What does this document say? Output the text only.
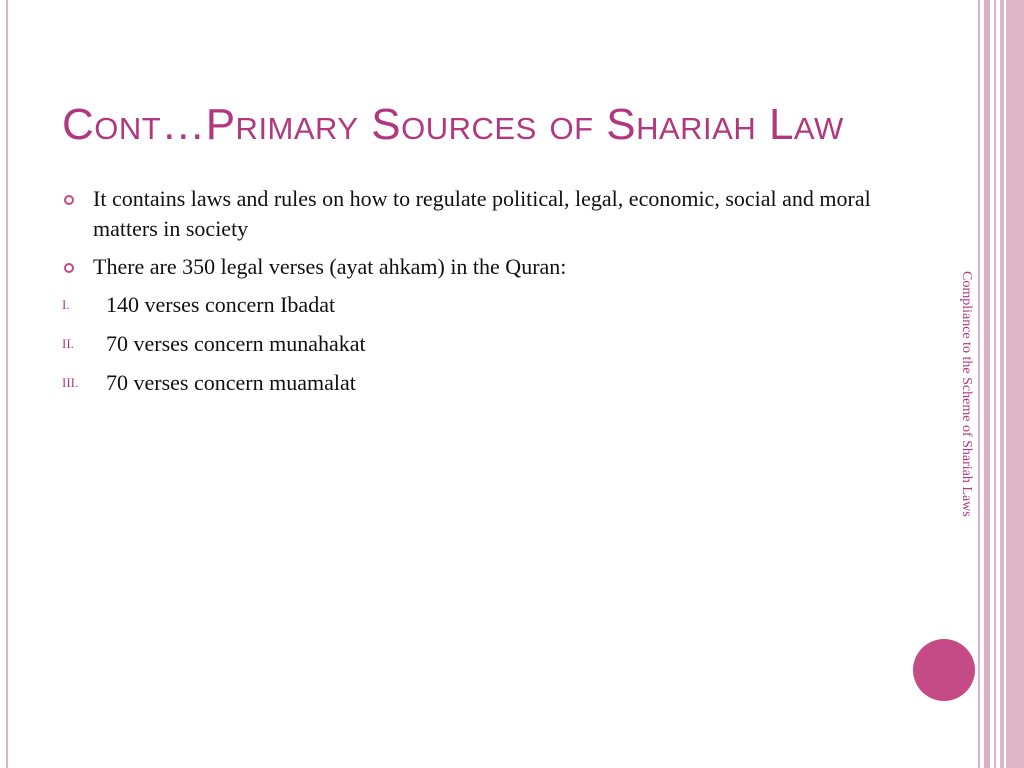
Cont…Primary Sources of Shariah Law
It contains laws and rules on how to regulate political, legal, economic, social and moral matters in society
There are 350 legal verses (ayat ahkam) in the Quran:
I. 140 verses concern Ibadat
II. 70 verses concern munahakat
III. 70 verses concern muamalat	Compliance to the Scheme of Shariah Laws
